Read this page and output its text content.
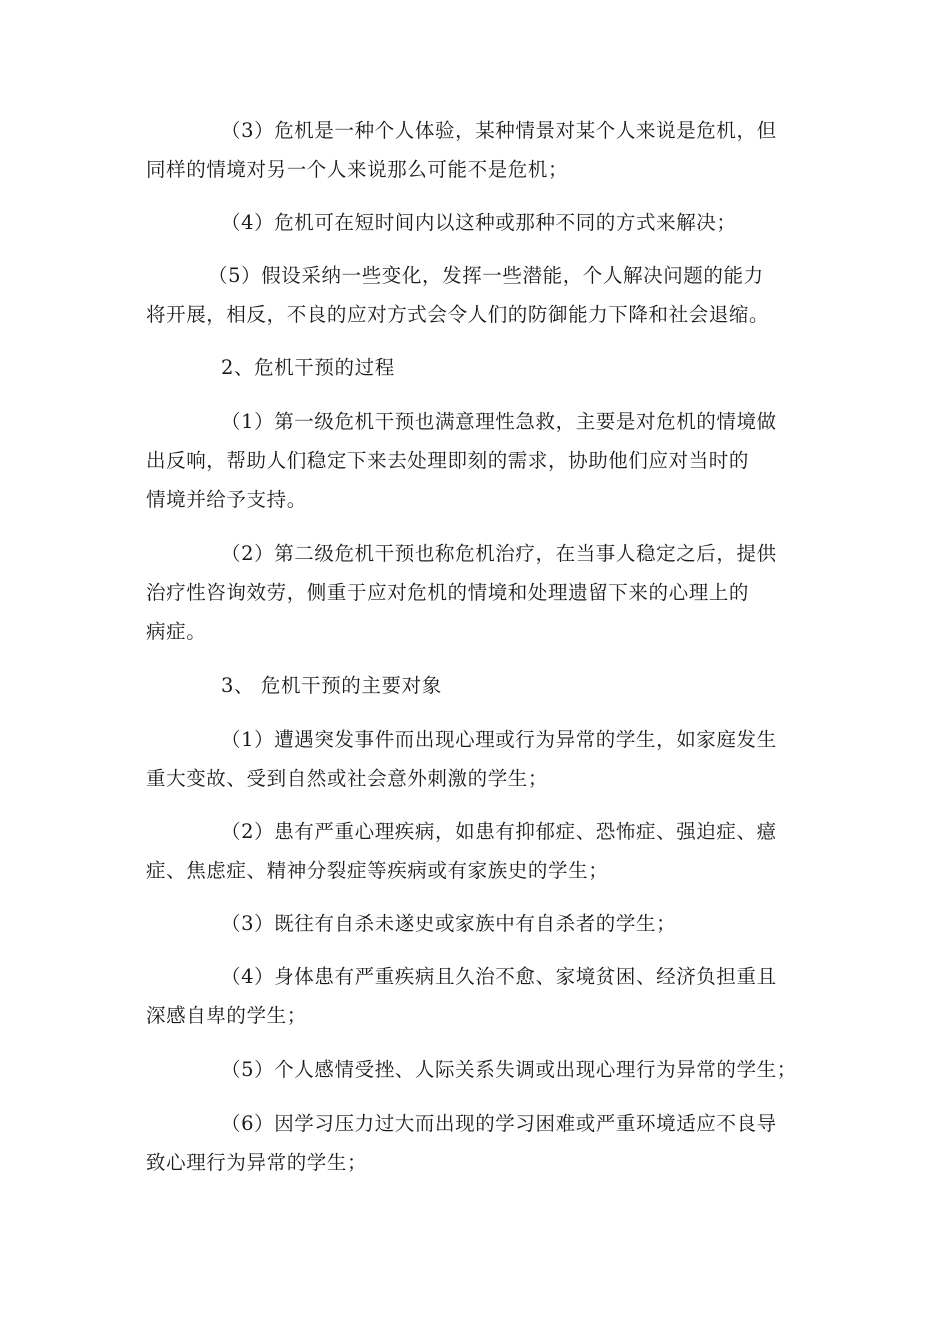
（3）危机是一种个人体验，某种情景对某个人来说是危机，但
同样的情境对另一个人来说那么可能不是危机；
（4）危机可在短时间内以这种或那种不同的方式来解决；
（5）假设采纳一些变化，发挥一些潜能，个人解决问题的能力
将开展，相反，不良的应对方式会令人们的防御能力下降和社会退缩。
2、危机干预的过程
（1）第一级危机干预也满意理性急救，主要是对危机的情境做
出反响，帮助人们稳定下来去处理即刻的需求，协助他们应对当时的
情境并给予支持。
（2）第二级危机干预也称危机治疗，在当事人稳定之后，提供
治疗性咨询效劳，侧重于应对危机的情境和处理遗留下来的心理上的
病症。
3、 危机干预的主要对象
（1）遭遇突发事件而出现心理或行为异常的学生，如家庭发生
重大变故、受到自然或社会意外刺激的学生；
（2）患有严重心理疾病，如患有抑郁症、恐怖症、强迫症、癔
症、焦虑症、精神分裂症等疾病或有家族史的学生；
（3）既往有自杀未遂史或家族中有自杀者的学生；
（4）身体患有严重疾病且久治不愈、家境贫困、经济负担重且
深感自卑的学生；
（5）个人感情受挫、人际关系失调或出现心理行为异常的学生；
（6）因学习压力过大而出现的学习困难或严重环境适应不良导
致心理行为异常的学生；
